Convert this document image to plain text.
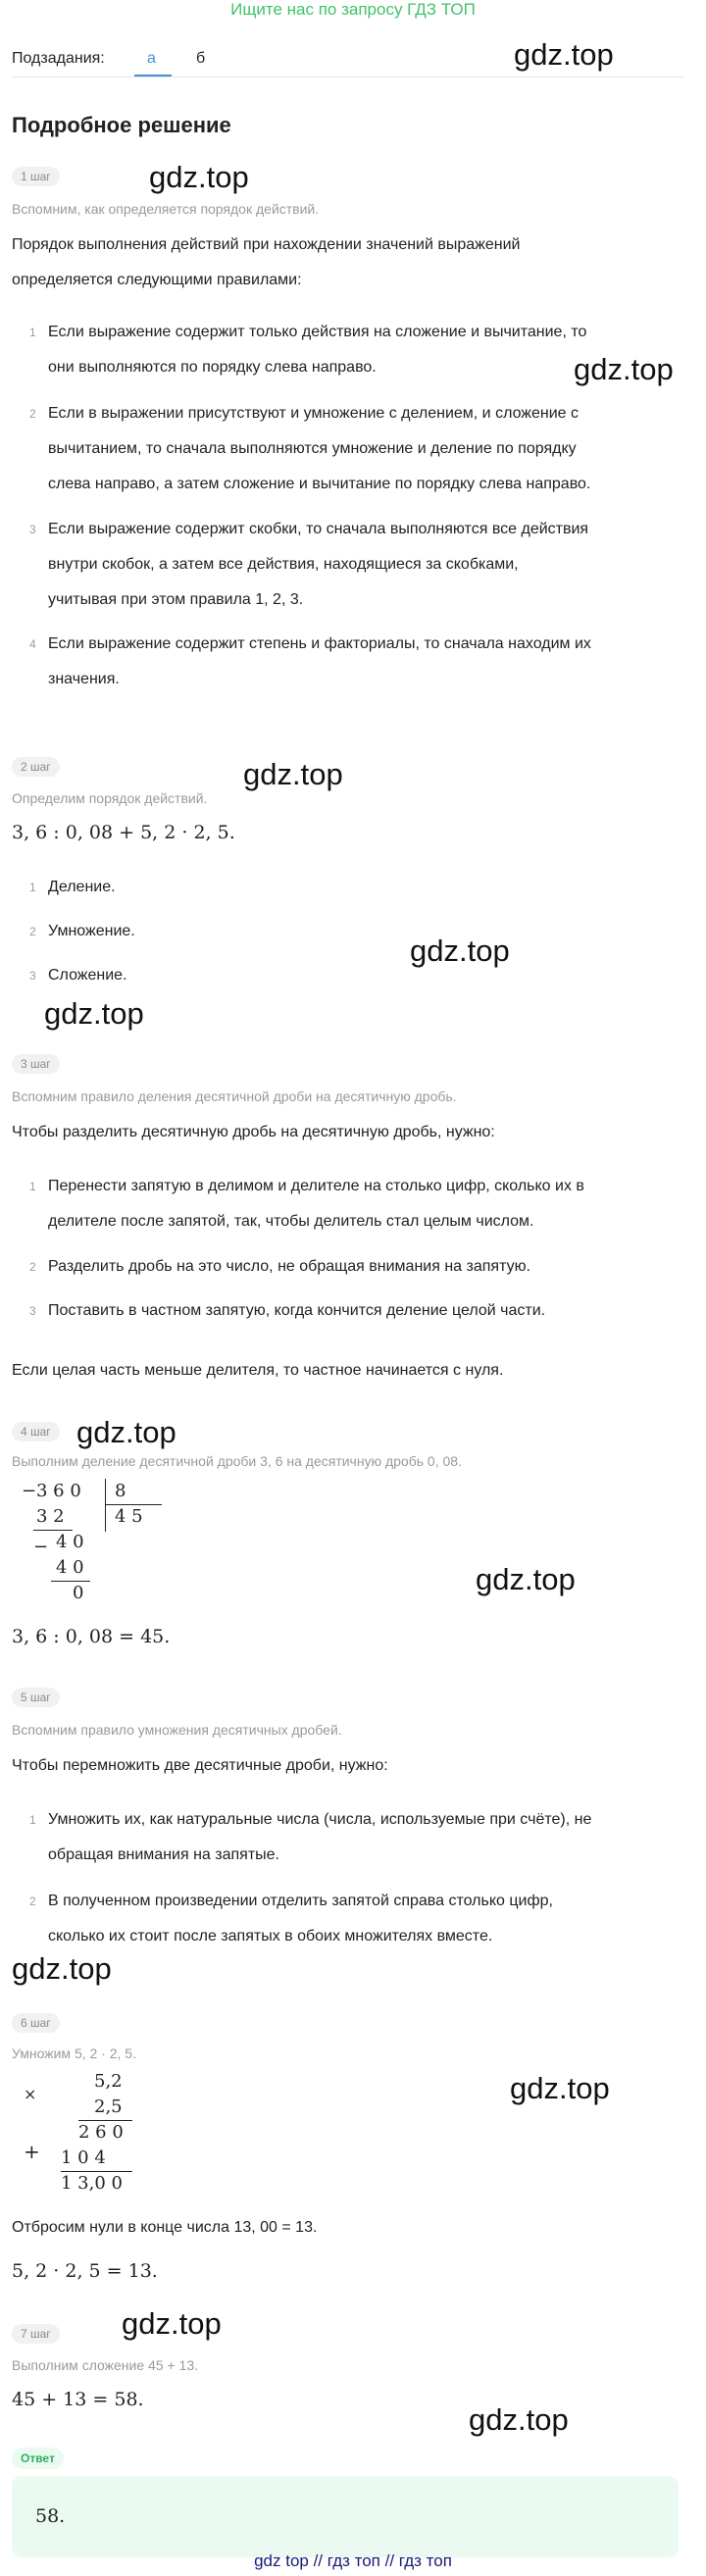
Ищите нас по запросу ГДЗ ТОП
Подзадания:	а	б	gdz.top
Подробное решение
1 шаг	gdz.top
Вспомним, как определяется порядок действий.
Порядок выполнения действий при нахождении значений выражений
определяется следующими правилами:
1 Если выражение содержит только действия на сложение и вычитание, то
они выполняются по порядку слева направо.	gdz.top
2 Если в выражении присутствуют и умножение с делением, и сложение с
вычитанием, то сначала выполняются умножение и деление по порядку
слева направо, а затем сложение и вычитание по порядку слева направо.
3 Если выражение содержит скобки, то сначала выполняются все действия
внутри скобок, а затем все действия, находящиеся за скобками,
учитывая при этом правила 1, 2, 3.
4 Если выражение содержит степень и факториалы, то сначала находим их
значения.
2 шаг	gdz.top
Определим порядок действий.
3, 6 : 0, 08 + 5, 2 · 2, 5.
1 Деление.
2 Умножение.
gdz.top
3 Сложение.
gdz.top
3 шаг
Вспомним правило деления десятичной дроби на десятичную дробь.
Чтобы разделить десятичную дробь на десятичную дробь, нужно:
1 Перенести запятую в делимом и делителе на столько цифр, сколько их в
делителе после запятой, так, чтобы делитель стал целым числом.
2 Разделить дробь на это число, не обращая внимания на запятую.
3 Поставить в частном запятую, когда кончится деление целой части.
Если целая часть меньше делителя, то частное начинается с нуля.
4 шаг gdz.top
Выполним деление десятичной дроби 3, 6 на десятичную дробь 0, 08.
− 3 6 0 8
4 5
3 2
− 4 0
4 0
0	gdz.top
3, 6 : 0, 08 = 45.
5 шаг
Вспомним правило умножения десятичных дробей.
Чтобы перемножить две десятичные дроби, нужно:
1 Умножить их, как натуральные числа (числа, используемые при счёте), не
обращая внимания на запятые.
2 В полученном произведении отделить запятой справа столько цифр,
сколько их стоит после запятых в обоих множителях вместе.
gdz.top
6 шаг
Умножим 5, 2 · 2, 5.
×
5,2
2,5
2 6 0
+ 1 0 4
1 3,0 0
gdz.top
Отбросим нули в конце числа 13, 00 = 13.
5, 2 · 2, 5 = 13.
7 шаг gdz.top
Выполним сложение 45 + 13.
45 + 13 = 58.
gdz.top
Ответ
58.
gdz top // гдз топ // гдз топ
